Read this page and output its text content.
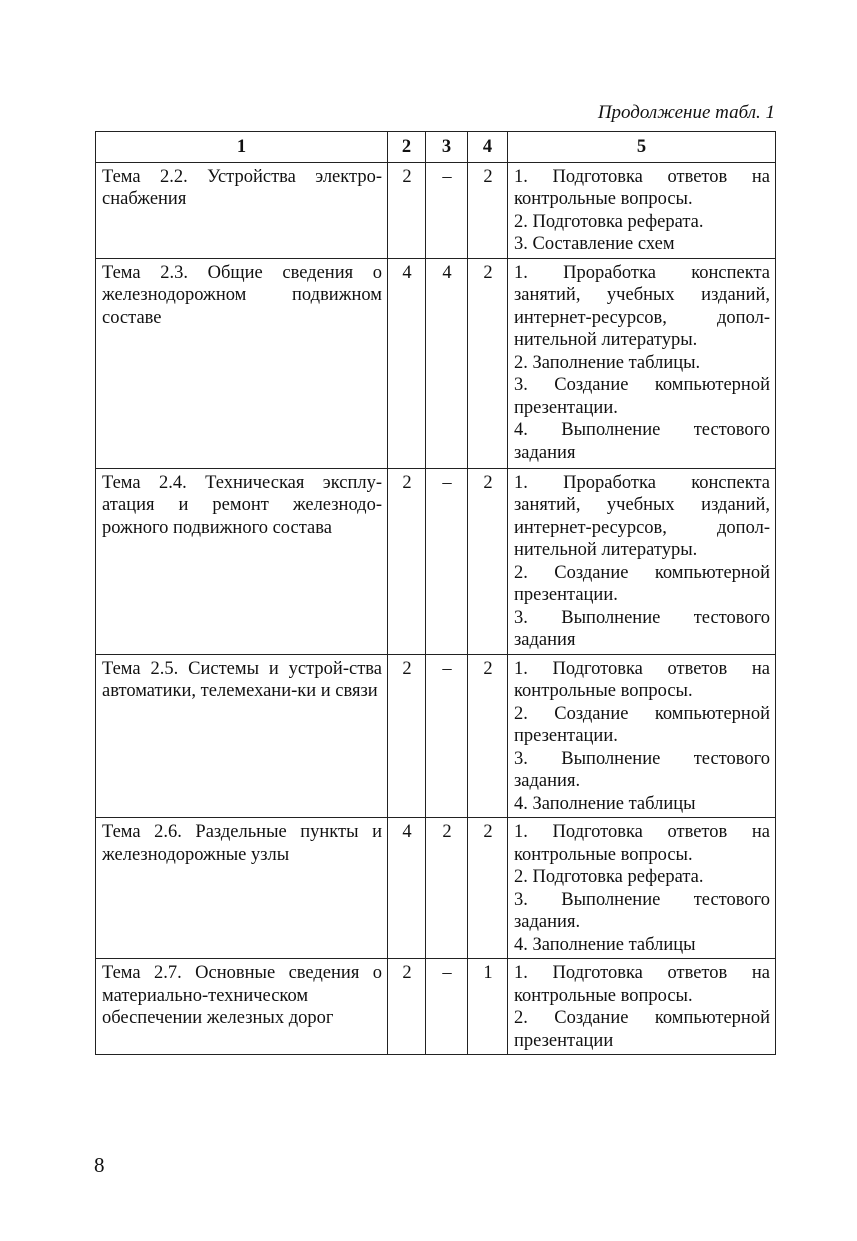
Продолжение табл. 1
1	2	3	4	5
Тема 2.2. Устройства электро-снабжения	2	–	2	1. Подготовка ответов на контрольные вопросы.
2. Подготовка реферата.
3. Составление схем

Тема 2.3. Общие сведения о железнодорожном подвижном составе	4	4	2	1. Проработка конспекта занятий, учебных изданий, интернет-ресурсов, допол-нительной литературы.
2. Заполнение таблицы.
3. Создание компьютерной презентации.
4. Выполнение тестового задания

Тема 2.4. Техническая эксплу-атация и ремонт железнодо-рожного подвижного состава	2	–	2	1. Проработка конспекта занятий, учебных изданий, интернет-ресурсов, допол-нительной литературы.
2. Создание компьютерной презентации.
3. Выполнение тестового задания

Тема 2.5. Системы и устрой-ства автоматики, телемехани-ки и связи	2	–	2	1. Подготовка ответов на контрольные вопросы.
2. Создание компьютерной презентации.
3. Выполнение тестового задания.
4. Заполнение таблицы

Тема 2.6. Раздельные пункты и железнодорожные узлы	4	2	2	1. Подготовка ответов на контрольные вопросы.
2. Подготовка реферата.
3. Выполнение тестового задания.
4. Заполнение таблицы

Тема 2.7. Основные сведения о материально-техническом обеспечении железных дорог	2	–	1	1. Подготовка ответов на контрольные вопросы.
2. Создание компьютерной презентации
8
